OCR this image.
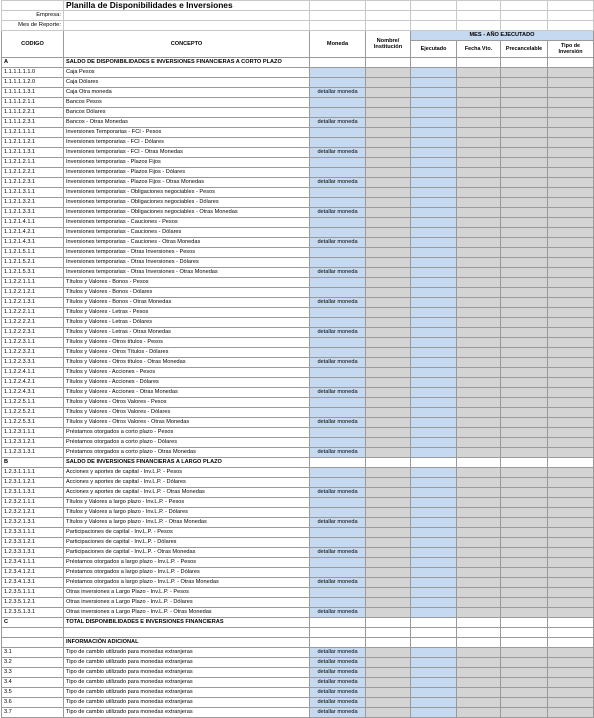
	Planilla de Disponibilidades e Inversiones						
Empresa:							
Mes de Reporte:							
CODIGO	CONCEPTO	Moneda	Nombre/ Institución	MES - AÑO EJECUTADO			
				Ejecutado	Fecha Vto.	Precancelable	Tipo de Inversión
A	SALDO DE DISPONIBILIDADES E INVERSIONES FINANCIERAS A CORTO PLAZO						
1.1.1.1.1.1.0	Caja Pesos						
1.1.1.1.1.2.0	Caja Dólares						
1.1.1.1.1.3.1	Caja Otra moneda	detallar moneda					
1.1.1.1.2.1.1	Bancos Pesos						
1.1.1.1.2.2.1	Bancos Dólares						
1.1.1.1.2.3.1	Bancos - Otras Monedas	detallar moneda					
1.1.2.1.1.1.1	Inversiones Temporarias - FCI - Pesos						
1.1.2.1.1.2.1	Inversiones temporarias - FCI - Dólares						
1.1.2.1.1.3.1	Inversiones temporarias - FCI - Otras Monedas	detallar moneda					
1.1.2.1.2.1.1	Inversiones temporarias - Plazos Fijos						
1.1.2.1.2.2.1	Inversiones temporarias - Plazos Fijos - Dólares						
1.1.2.1.2.3.1	Inversiones temporarias - Plazos Fijos - Otras Monedas	detallar moneda					
1.1.2.1.3.1.1	Inversiones temporarias - Obligaciones negociables - Pesos						
1.1.2.1.3.2.1	Inversiones temporarias - Obligaciones negociables - Dólares						
1.1.2.1.3.3.1	Inversiones temporarias - Obligaciones negociables - Otras Monedas	detallar moneda					
1.1.2.1.4.1.1	Inversiones temporarias - Cauciones - Pesos						
1.1.2.1.4.2.1	Inversiones temporarias - Cauciones - Dólares						
1.1.2.1.4.3.1	Inversiones temporarias - Cauciones - Otras Monedas	detallar moneda					
1.1.2.1.5.1.1	Inversiones temporarias - Otras Inversiones - Pesos						
1.1.2.1.5.2.1	Inversiones temporarias - Otras Inversiones - Dólares						
1.1.2.1.5.3.1	Inversiones temporarias - Otras Inversiones - Otras Monedas	detallar moneda					
1.1.2.2.1.1.1	Títulos y Valores - Bonos - Pesos						
1.1.2.2.1.2.1	Títulos y Valores - Bonos - Dólares						
1.1.2.2.1.3.1	Títulos y Valores - Bonos - Otras Monedas	detallar moneda					
1.1.2.2.2.1.1	Títulos y Valores - Letras - Pesos						
1.1.2.2.2.2.1	Títulos y Valores - Letras - Dólares						
1.1.2.2.2.3.1	Títulos y Valores - Letras - Otras Monedas	detallar moneda					
1.1.2.2.3.1.1	Títulos y Valores - Otros títulos - Pesos						
1.1.2.2.3.2.1	Títulos y Valores - Otros Títulos - Dólares						
1.1.2.2.3.3.1	Títulos y Valores - Otros títulos - Otras Monedas	detallar moneda					
1.1.2.2.4.1.1	Títulos y Valores - Acciones - Pesos						
1.1.2.2.4.2.1	Títulos y Valores - Acciones - Dólares						
1.1.2.2.4.3.1	Títulos y Valores - Acciones - Otras Monedas	detallar moneda					
1.1.2.2.5.1.1	Títulos y Valores - Otros Valores - Pesos						
1.1.2.2.5.2.1	Títulos y Valores - Otros Valores - Dólares						
1.1.2.2.5.3.1	Títulos y Valores - Otros Valores - Otras Monedas	detallar moneda					
1.1.2.3.1.1.1	Préstamos otorgados a corto plazo - Pesos						
1.1.2.3.1.2.1	Préstamos otorgados a corto plazo - Dólares						
1.1.2.3.1.3.1	Préstamos otorgados a corto plazo - Otras Monedas	detallar moneda					
B	SALDO DE INVERSIONES FINANCIERAS A LARGO PLAZO						
1.2.3.1.1.1.1	Acciones y aportes de capital - Inv.L.P. - Pesos						
1.2.3.1.1.2.1	Acciones y aportes de capital - Inv.L.P. - Dólares						
1.2.3.1.1.3.1	Acciones y aportes de capital - Inv.L.P. - Otras Monedas	detallar moneda					
1.2.3.2.1.1.1	Títulos y Valores a largo plazo - Inv.L.P. - Pesos						
1.2.3.2.1.2.1	Títulos y Valores a largo plazo - Inv.L.P. - Dólares						
1.2.3.2.1.3.1	Títulos y Valores a largo plazo - Inv.L.P. - Otras Monedas	detallar moneda					
1.2.3.3.1.1.1	Participaciones de capital - Inv.L.P. - Pesos						
1.2.3.3.1.2.1	Participaciones de capital - Inv.L.P. - Dólares						
1.2.3.3.1.3.1	Participaciones de capital - Inv.L.P. - Otras Monedas	detallar moneda					
1.2.3.4.1.1.1	Préstamos otorgados a largo plazo - Inv.L.P. - Pesos						
1.2.3.4.1.2.1	Préstamos otorgados a largo plazo - Inv.L.P. - Dólares						
1.2.3.4.1.3.1	Préstamos otorgados a largo plazo - Inv.L.P. - Otras Monedas	detallar moneda					
1.2.3.5.1.1.1	Otras inversiones a Largo Plazo - Inv.L.P. - Pesos						
1.2.3.5.1.2.1	Otras inversiones a Largo Plazo - Inv.L.P. - Dólares						
1.2.3.5.1.3.1	Otras inversiones a Largo Plazo - Inv.L.P. - Otras Monedas	detallar moneda					
C	TOTAL DISPONIBILIDADES E INVERSIONES FINANCIERAS						

	INFORMACIÓN ADICIONAL						
3.1	Tipo de cambio utilizado para monedas extranjeras	detallar moneda					
3.2	Tipo de cambio utilizado para monedas extranjeras	detallar moneda					
3.3	Tipo de cambio utilizado para monedas extranjeras	detallar moneda					
3.4	Tipo de cambio utilizado para monedas extranjeras	detallar moneda					
3.5	Tipo de cambio utilizado para monedas extranjeras	detallar moneda					
3.6	Tipo de cambio utilizado para monedas extranjeras	detallar moneda					
3.7	Tipo de cambio utilizado para monedas extranjeras	detallar moneda					
